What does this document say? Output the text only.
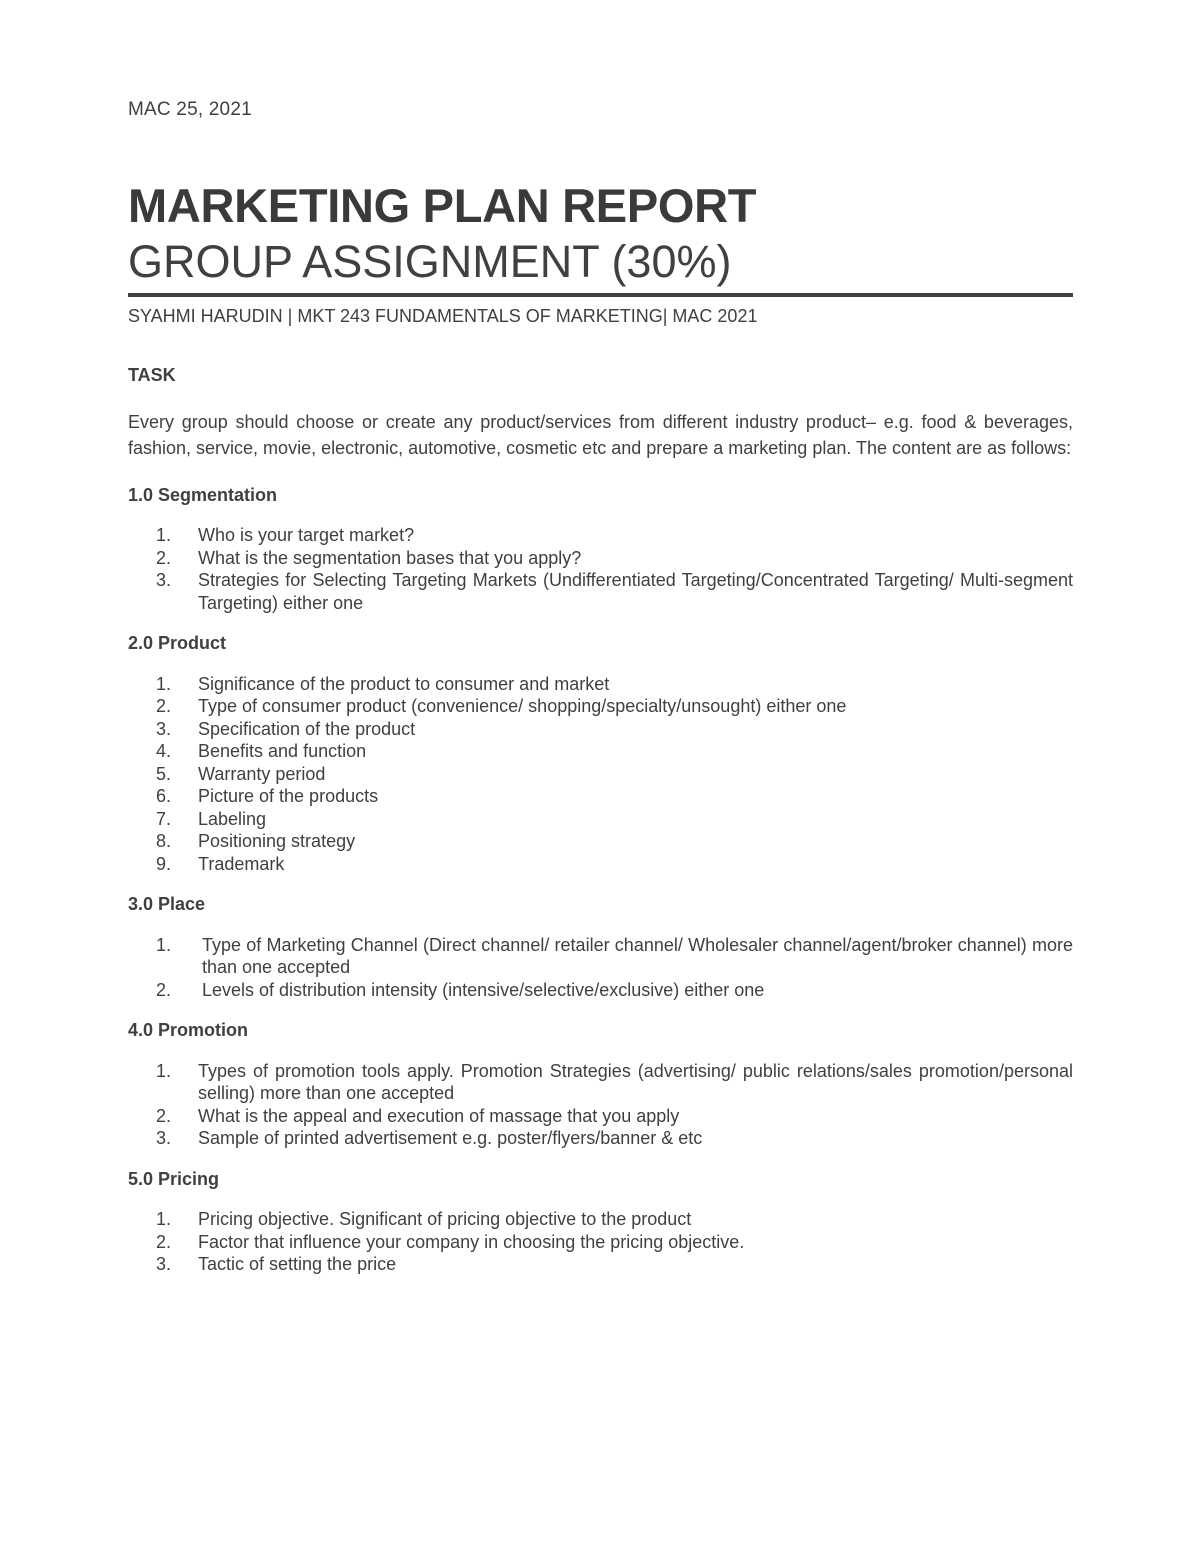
MAC 25, 2021
MARKETING PLAN REPORT
GROUP ASSIGNMENT (30%)
SYAHMI HARUDIN | MKT 243 FUNDAMENTALS OF MARKETING| MAC 2021
TASK
Every group should choose or create any product/services from different industry product– e.g. food & beverages, fashion, service, movie, electronic, automotive, cosmetic etc and prepare a marketing plan. The content are as follows:
1.0 Segmentation
1.	Who is your target market?
2.	What is the segmentation bases that you apply?
3.	Strategies for Selecting Targeting Markets (Undifferentiated Targeting/Concentrated Targeting/ Multi-segment Targeting) either one
2.0 Product
1.	Significance of the product to consumer and market
2.	Type of consumer product (convenience/ shopping/specialty/unsought) either one
3.	Specification of the product
4.	Benefits and function
5.	Warranty period
6.	Picture of the products
7.	Labeling
8.	Positioning strategy
9.	Trademark
3.0 Place
1.	Type of Marketing Channel (Direct channel/ retailer channel/ Wholesaler channel/agent/broker channel) more than one accepted
2.	Levels of distribution intensity (intensive/selective/exclusive) either one
4.0 Promotion
1.	Types of promotion tools apply. Promotion Strategies (advertising/ public relations/sales promotion/personal selling) more than one accepted
2.	What is the appeal and execution of massage that you apply
3.	Sample of printed advertisement e.g. poster/flyers/banner & etc
5.0 Pricing
1.	Pricing objective. Significant of pricing objective to the product
2.	Factor that influence your company in choosing the pricing objective.
3.	Tactic of setting the price
